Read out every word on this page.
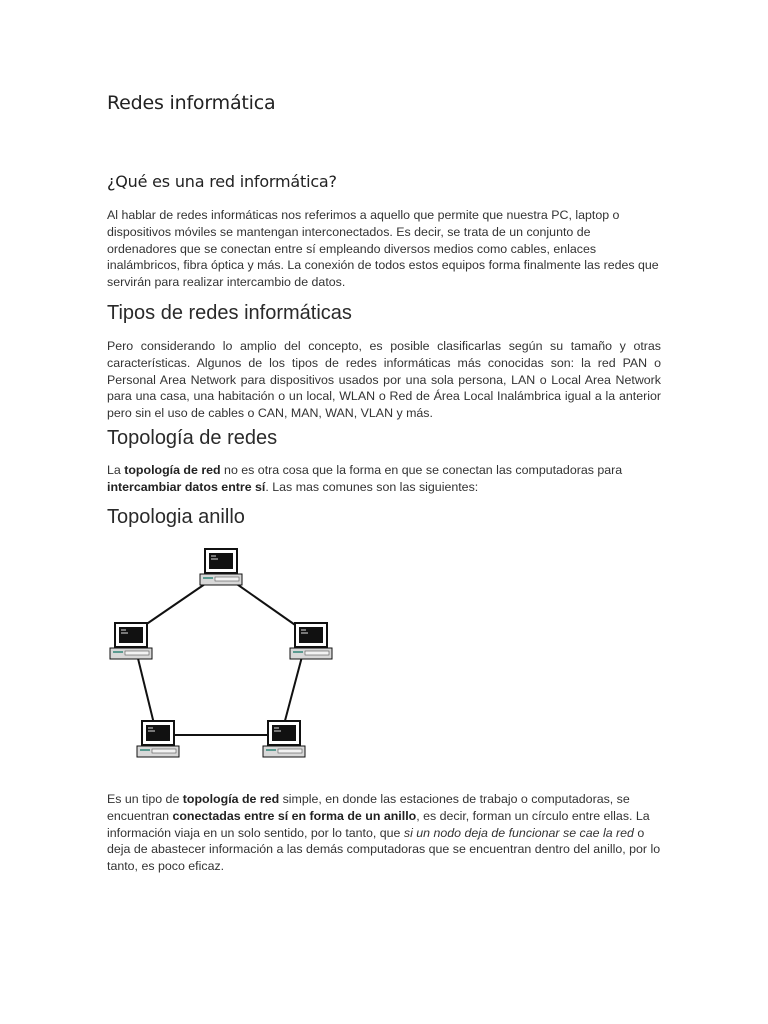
Redes informática
¿Qué es una red informática?

Al hablar de redes informáticas nos referimos a aquello que permite que nuestra PC, laptop o dispositivos móviles se mantengan interconectados. Es decir, se trata de un conjunto de ordenadores que se conectan entre sí empleando diversos medios como cables, enlaces inalámbricos, fibra óptica y más. La conexión de todos estos equipos forma finalmente las redes que servirán para realizar intercambio de datos.

Tipos de redes informáticas

Pero considerando lo amplio del concepto, es posible clasificarlas según su tamaño y otras características. Algunos de los tipos de redes informáticas más conocidas son: la red PAN o Personal Area Network para dispositivos usados por una sola persona, LAN o Local Area Network para una casa, una habitación o un local, WLAN o Red de Área Local Inalámbrica igual a la anterior pero sin el uso de cables o CAN, MAN, WAN, VLAN y más.

Topología de redes

La topología de red no es otra cosa que la forma en que se conectan las computadoras para intercambiar datos entre sí. Las mas comunes son las siguientes:

Topologia anillo

Es un tipo de topología de red simple, en donde las estaciones de trabajo o computadoras, se encuentran conectadas entre sí en forma de un anillo, es decir, forman un círculo entre ellas. La información viaja en un solo sentido, por lo tanto, que si un nodo deja de funcionar se cae la red o deja de abastecer información a las demás computadoras que se encuentran dentro del anillo, por lo tanto, es poco eficaz.
